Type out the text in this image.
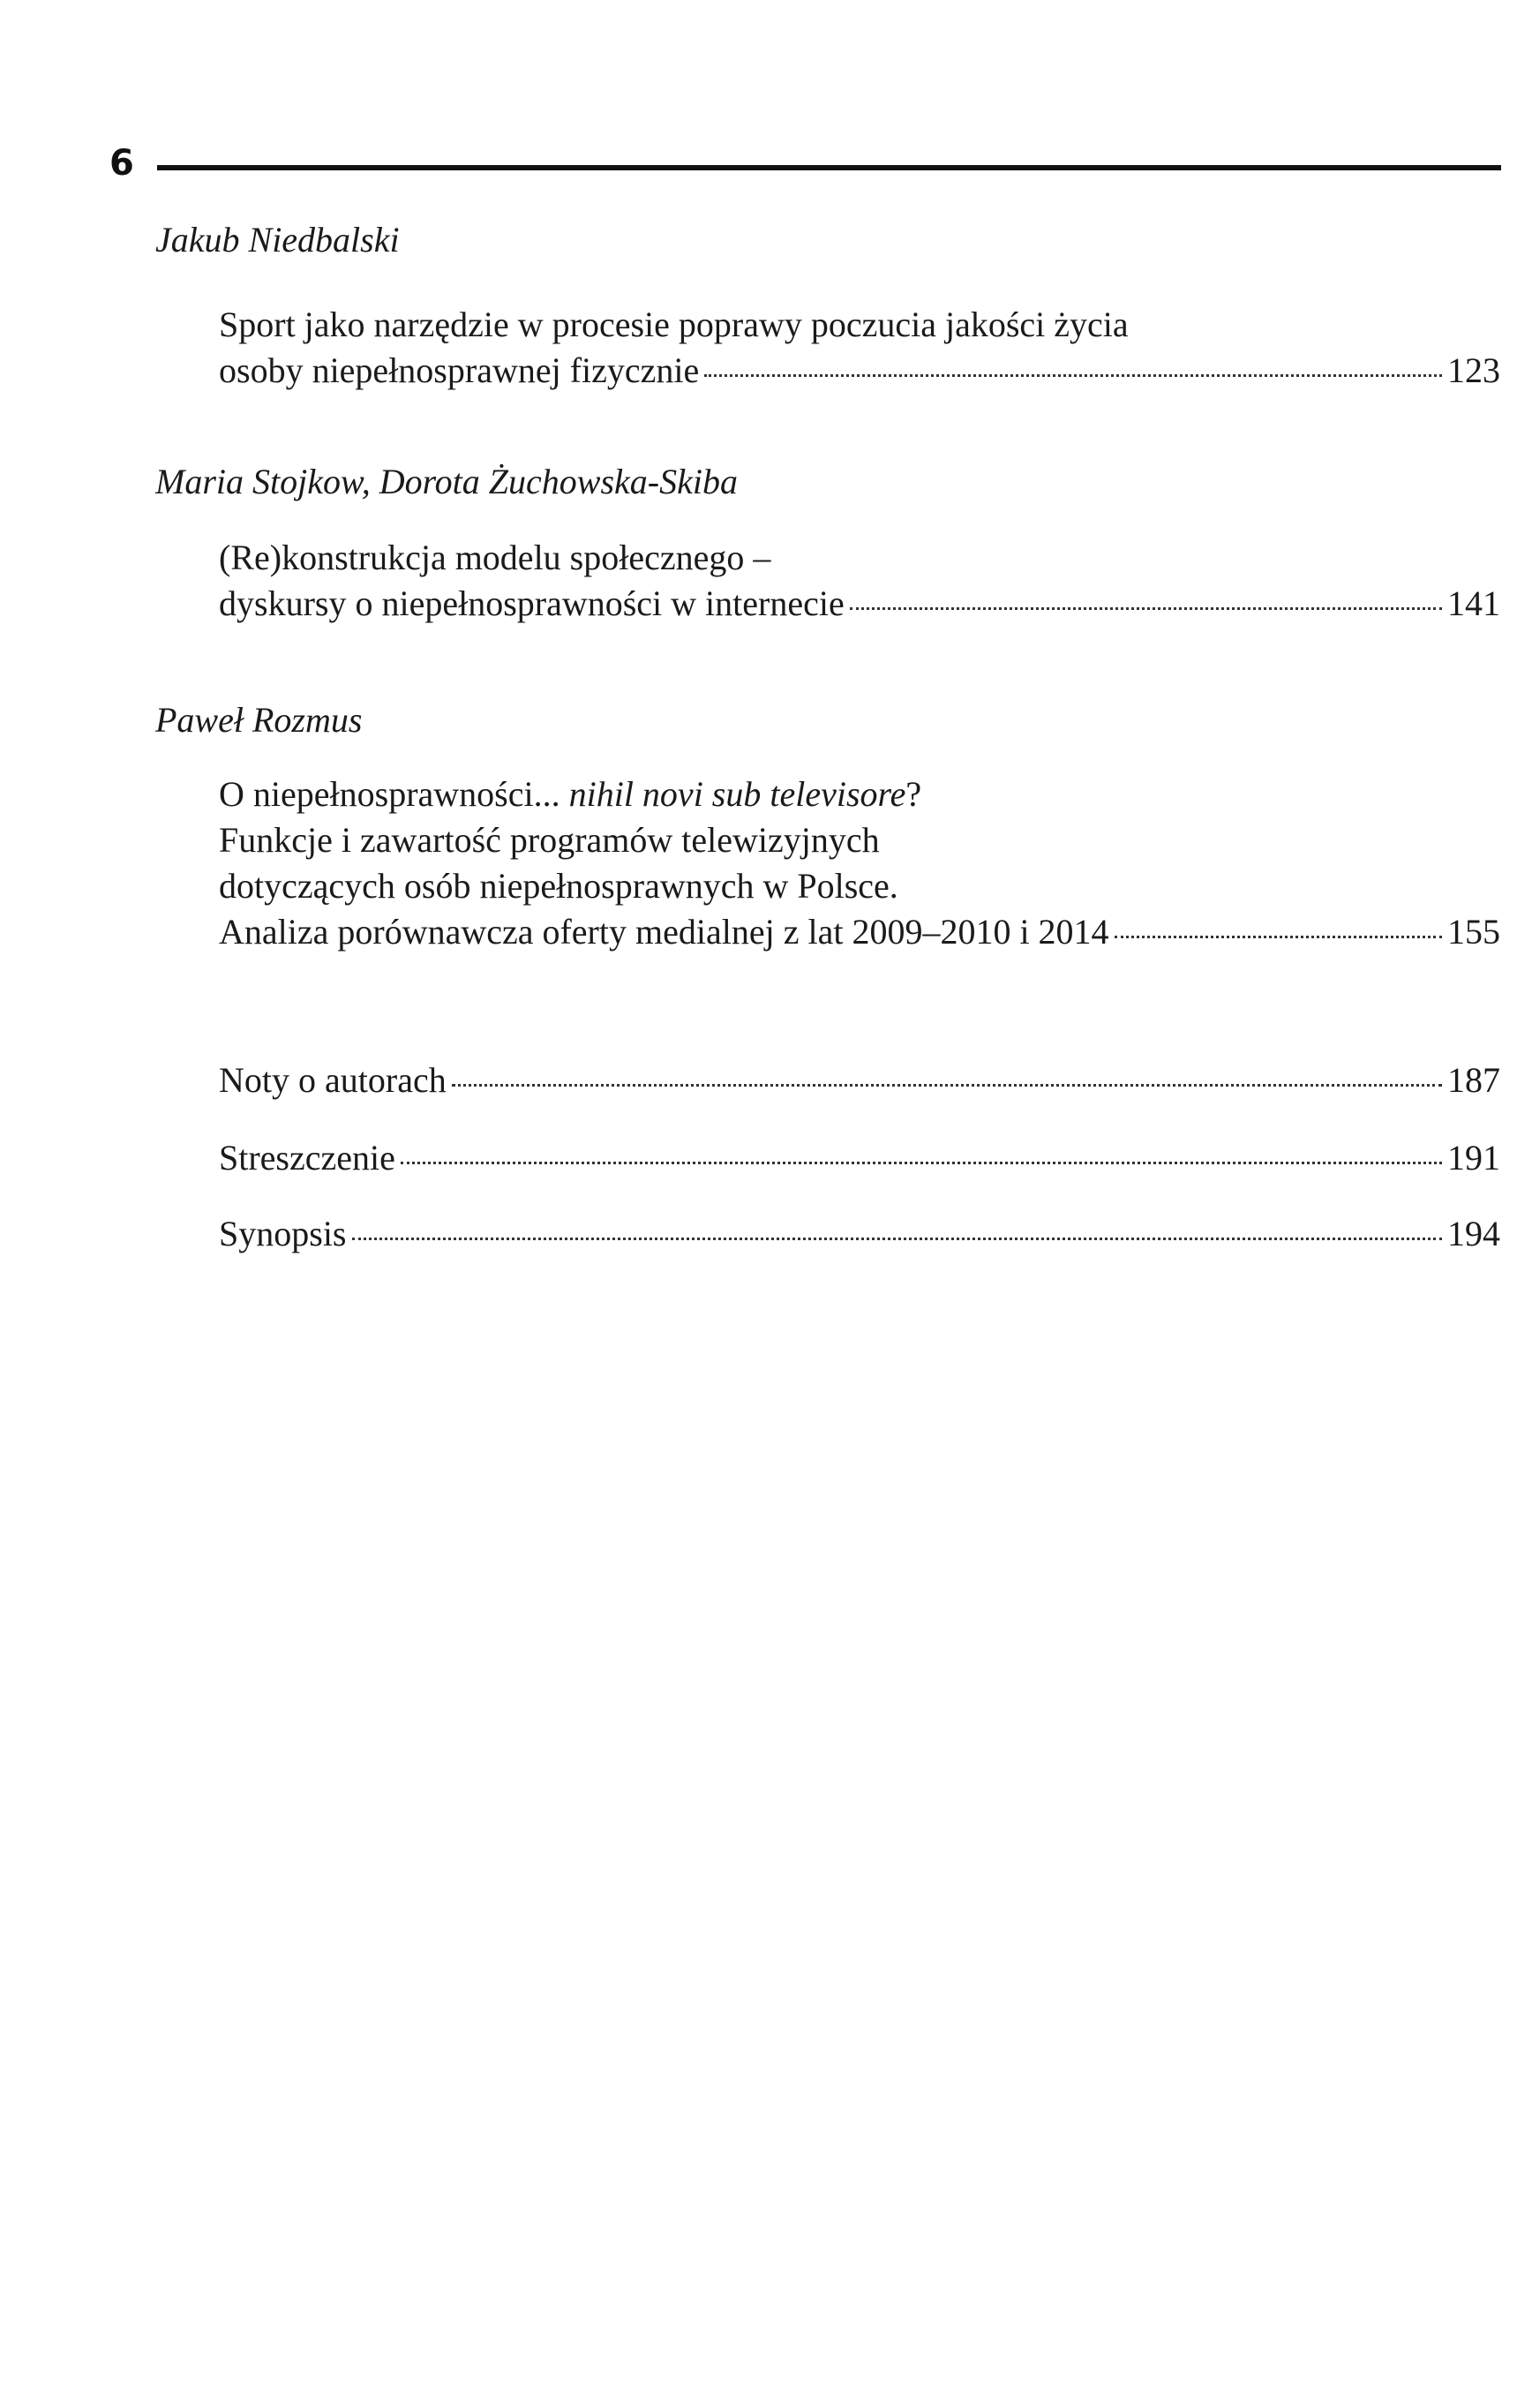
6
Jakub Niedbalski
Sport jako narzędzie w procesie poprawy poczucia jakości życia
osoby niepełnosprawnej fizycznie	123
Maria Stojkow, Dorota Żuchowska-Skiba
(Re)konstrukcja modelu społecznego –
dyskursy o niepełnosprawności w internecie	141
Paweł Rozmus
O niepełnosprawności... nihil novi sub televisore?
Funkcje i zawartość programów telewizyjnych
dotyczących osób niepełnosprawnych w Polsce.
Analiza porównawcza oferty medialnej z lat 2009–2010 i 2014	155
Noty o autorach	187
Streszczenie	191
Synopsis	194
